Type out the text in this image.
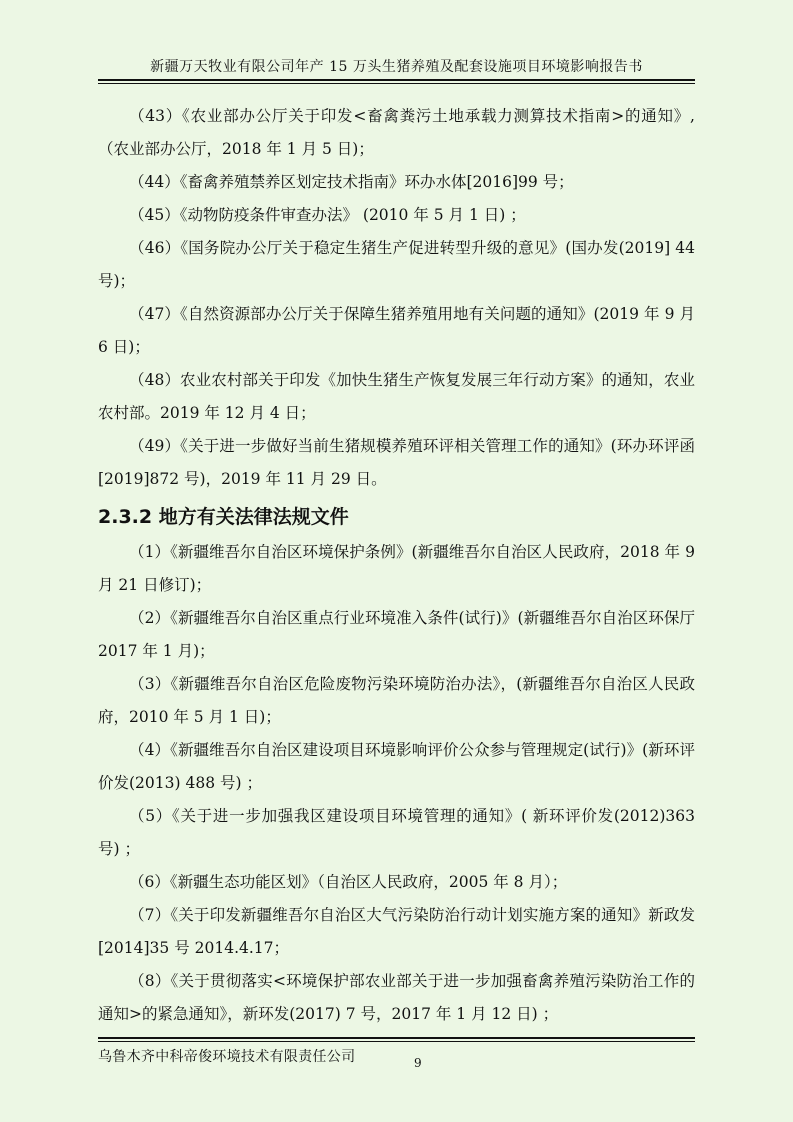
新疆万天牧业有限公司年产 15 万头生猪养殖及配套设施项目环境影响报告书

（43）《农业部办公厅关于印发<畜禽粪污土地承载力测算技术指南>的通知》,（农业部办公厅，2018 年 1 月 5 日)；

（44）《畜禽养殖禁养区划定技术指南》环办水体[2016]99 号；

（45）《动物防疫条件审查办法》 (2010 年 5 月 1 日) ；

（46）《国务院办公厅关于稳定生猪生产促进转型升级的意见》(国办发(2019] 44 号)；

（47）《自然资源部办公厅关于保障生猪养殖用地有关问题的通知》(2019 年 9 月 6 日)；

（48）农业农村部关于印发《加快生猪生产恢复发展三年行动方案》的通知，农业农村部。2019 年 12 月 4 日；

（49）《关于进一步做好当前生猪规模养殖环评相关管理工作的通知》(环办环评函[2019]872 号)，2019 年 11 月 29 日。

2.3.2 地方有关法律法规文件

（1）《新疆维吾尔自治区环境保护条例》(新疆维吾尔自治区人民政府，2018 年 9 月 21 日修订)；

（2）《新疆维吾尔自治区重点行业环境准入条件(试行)》(新疆维吾尔自治区环保厅 2017 年 1 月)；

（3）《新疆维吾尔自治区危险废物污染环境防治办法》，(新疆维吾尔自治区人民政府，2010 年 5 月 1 日)；

（4）《新疆维吾尔自治区建设项目环境影响评价公众参与管理规定(试行)》(新环评价发(2013) 488 号) ；

（5）《关于进一步加强我区建设项目环境管理的通知》( 新环评价发(2012)363 号) ；

（6）《新疆生态功能区划》（自治区人民政府，2005 年 8 月）；

（7）《关于印发新疆维吾尔自治区大气污染防治行动计划实施方案的通知》新政发[2014]35 号 2014.4.17；

（8）《关于贯彻落实<环境保护部农业部关于进一步加强畜禽养殖污染防治工作的通知>的紧急通知》，新环发(2017) 7 号，2017 年 1 月 12 日) ；

乌鲁木齐中科帝俊环境技术有限责任公司	9
